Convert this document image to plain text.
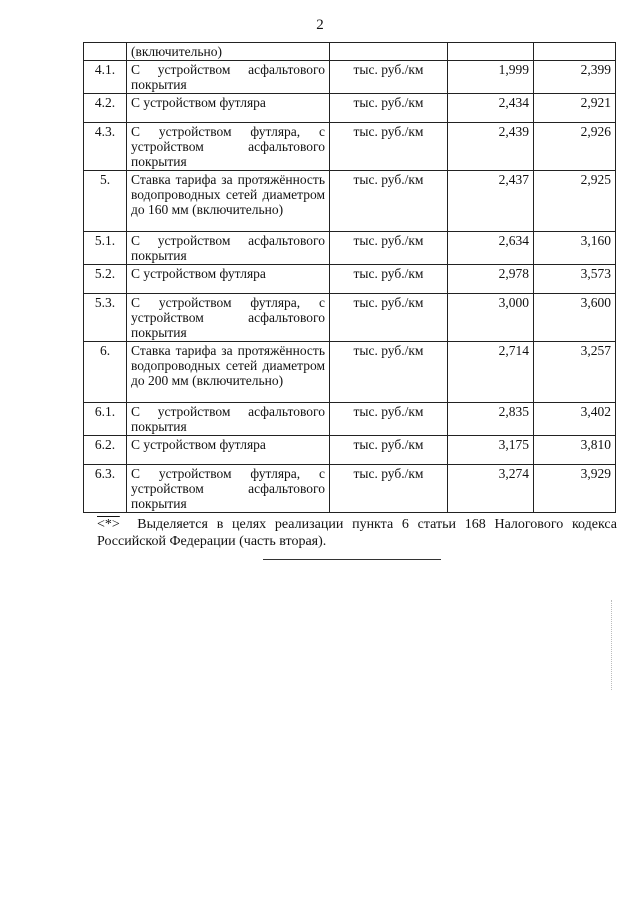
2
	(включительно)			
4.1.	С устройством асфальтового покрытия	тыс. руб./км	1,999	2,399
4.2.	С устройством футляра	тыс. руб./км	2,434	2,921
4.3.	С устройством футляра, с устройством асфальтового покрытия	тыс. руб./км	2,439	2,926
5.	Ставка тарифа за протяжённость водопроводных сетей диаметром до 160 мм (включительно)	тыс. руб./км	2,437	2,925
5.1.	С устройством асфальтового покрытия	тыс. руб./км	2,634	3,160
5.2.	С устройством футляра	тыс. руб./км	2,978	3,573
5.3.	С устройством футляра, с устройством асфальтового покрытия	тыс. руб./км	3,000	3,600
6.	Ставка тарифа за протяжённость водопроводных сетей диаметром до 200 мм (включительно)	тыс. руб./км	2,714	3,257
6.1.	С устройством асфальтового покрытия	тыс. руб./км	2,835	3,402
6.2.	С устройством футляра	тыс. руб./км	3,175	3,810
6.3.	С устройством футляра, с устройством асфальтового покрытия	тыс. руб./км	3,274	3,929
<*> Выделяется в целях реализации пункта 6 статьи 168 Налогового кодекса Российской Федерации (часть вторая).
